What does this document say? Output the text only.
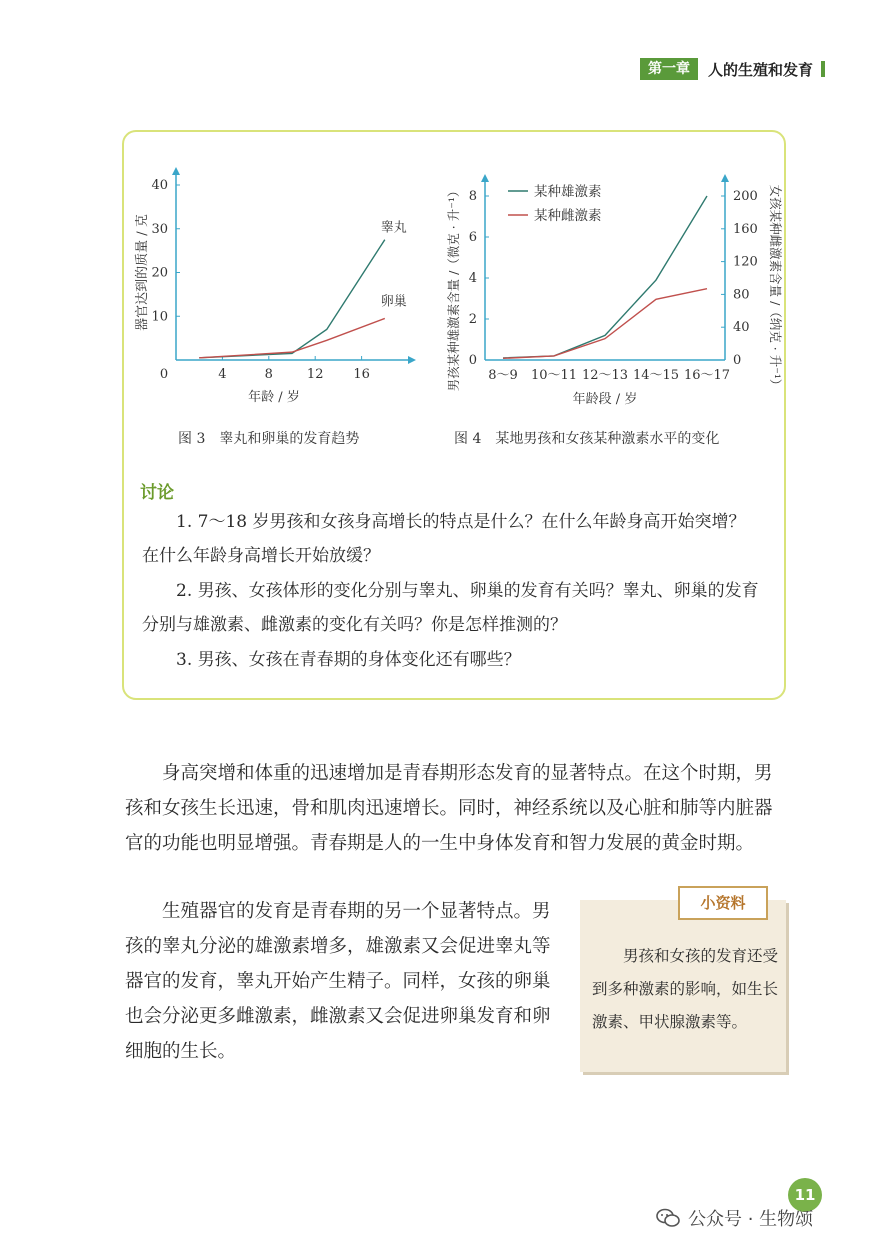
第一章	人的生殖和发育
0	4	8	12 16
10
20
30
40
年龄 / 岁
器官达到的质量 / 克	睾丸
卵巢
图 3　睾丸和卵巢的发育趋势
0
2
4
6
8
0
40
80
120
160
200
8～9 10～11 12～13 14～15 16～17
年龄段 / 岁
男孩某种雄激素含量 /（微克 · 升⁻¹）	女孩某种雌激素含量 /（纳克 · 升⁻¹）
某种雄激素
某种雌激素
图 4　某地男孩和女孩某种激素水平的变化
讨论
1. 7～18 岁男孩和女孩身高增长的特点是什么？在什么年龄身高开始突增？在什么年龄身高增长开始放缓？
2. 男孩、女孩体形的变化分别与睾丸、卵巢的发育有关吗？睾丸、卵巢的发育分别与雄激素、雌激素的变化有关吗？你是怎样推测的？
3. 男孩、女孩在青春期的身体变化还有哪些？
身高突增和体重的迅速增加是青春期形态发育的显著特点。在这个时期，男孩和女孩生长迅速，骨和肌肉迅速增长。同时，神经系统以及心脏和肺等内脏器官的功能也明显增强。青春期是人的一生中身体发育和智力发展的黄金时期。
生殖器官的发育是青春期的另一个显著特点。男孩的睾丸分泌的雄激素增多，雄激素又会促进睾丸等器官的发育，睾丸开始产生精子。同样，女孩的卵巢也会分泌更多雌激素，雌激素又会促进卵巢发育和卵细胞的生长。
小资料
男孩和女孩的发育还受到多种激素的影响，如生长激素、甲状腺激素等。
11
公众号 · 生物颂
